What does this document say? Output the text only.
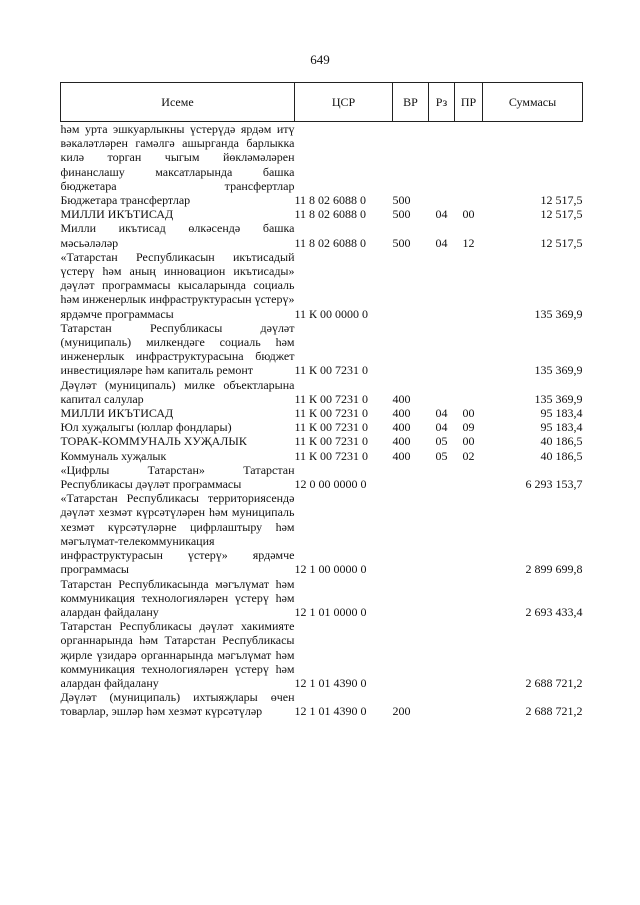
649
Исеме	ЦСР	ВР	Рз	ПР	Суммасы
һәм урта эшкуарлыкны үстерүдә ярдәм итү вәкаләтләрен гамәлгә ашырганда барлыкка килә торган чыгым йөкләмәләрен финанслашу максатларында башка бюджетара трансфертлар					
Бюджетара трансфертлар	11 8 02 6088 0	500			12 517,5
МИЛЛИ ИКЪТИСАД	11 8 02 6088 0	500	04	00	12 517,5
Милли икътисад өлкәсендә башка мәсьәләләр	11 8 02 6088 0	500	04	12	12 517,5
«Татарстан Республикасын икътисадый үстерү һәм аның инновацион икътисады» дәүләт программасы кысаларында социаль һәм инженерлык инфраструктурасын үстерү» ярдәмче программасы	11 К 00 0000 0				135 369,9
Татарстан Республикасы дәүләт (муниципаль) милкендәге социаль һәм инженерлык инфраструктурасына бюджет инвестицияләре һәм капиталь ремонт	11 К 00 7231 0				135 369,9
Дәүләт (муниципаль) милке объектларына капитал салулар	11 К 00 7231 0	400			135 369,9
МИЛЛИ ИКЪТИСАД	11 К 00 7231 0	400	04	00	95 183,4
Юл хуҗалыгы (юллар фондлары)	11 К 00 7231 0	400	04	09	95 183,4
ТОРАК-КОММУНАЛЬ ХУҖАЛЫК	11 К 00 7231 0	400	05	00	40 186,5
Коммуналь хуҗалык	11 К 00 7231 0	400	05	02	40 186,5
«Цифрлы Татарстан» Татарстан Республикасы дәүләт программасы	12 0 00 0000 0				6 293 153,7
«Татарстан Республикасы территориясендә дәүләт хезмәт күрсәтүләрен һәм муниципаль хезмәт күрсәтүләрне цифрлаштыру һәм мәгълүмат-телекоммуникация инфраструктурасын үстерү» ярдәмче программасы	12 1 00 0000 0				2 899 699,8
Татарстан Республикасында мәгълүмат һәм коммуникация технологияләрен үстерү һәм алардан файдалану	12 1 01 0000 0				2 693 433,4
Татарстан Республикасы дәүләт хакимияте органнарында һәм Татарстан Республикасы җирле үзидарә органнарында мәгълүмат һәм коммуникация технологияләрен үстерү һәм алардан файдалану	12 1 01 4390 0				2 688 721,2
Дәүләт (муниципаль) ихтыяҗлары өчен товарлар, эшләр һәм хезмәт күрсәтүләр	12 1 01 4390 0	200			2 688 721,2
